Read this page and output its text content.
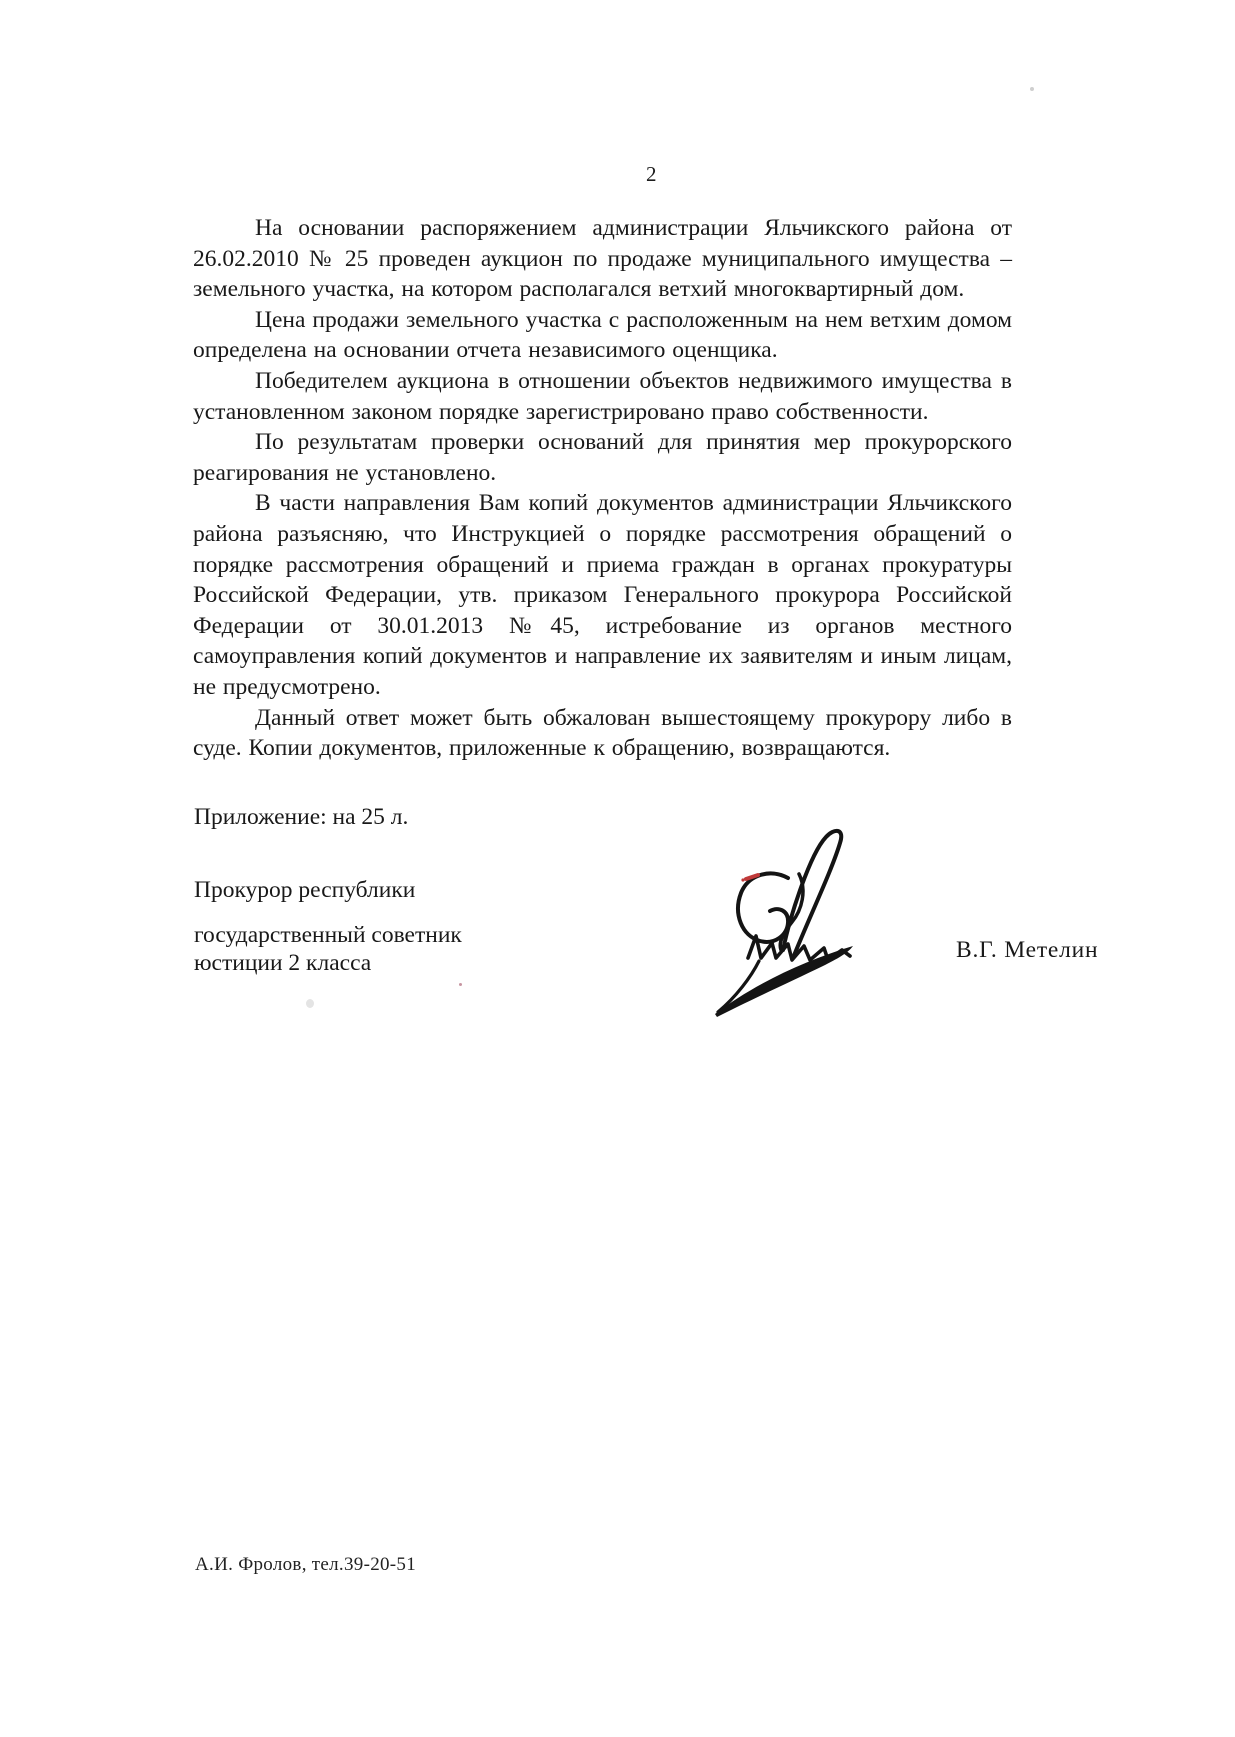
2

На основании распоряжением администрации Яльчикского района от 26.02.2010 № 25 проведен аукцион по продаже муниципального имущества – земельного участка, на котором располагался ветхий многоквартирный дом.

Цена продажи земельного участка с расположенным на нем ветхим домом определена на основании отчета независимого оценщика.

Победителем аукциона в отношении объектов недвижимого имущества в установленном законом порядке зарегистрировано право собственности.

По результатам проверки оснований для принятия мер прокурорского реагирования не установлено.

В части направления Вам копий документов администрации Яльчикского района разъясняю, что Инструкцией о порядке рассмотрения обращений о порядке рассмотрения обращений и приема граждан в органах прокуратуры Российской Федерации, утв. приказом Генерального прокурора Российской Федерации от 30.01.2013 №45, истребование из органов местного самоуправления копий документов и направление их заявителям и иным лицам, не предусмотрено.

Данный ответ может быть обжалован вышестоящему прокурору либо в суде. Копии документов, приложенные к обращению, возвращаются.

Приложение: на 25 л.
Прокурор республики
государственный советник
юстиции 2 класса	В.Г. Метелин
А.И. Фролов, тел.39-20-51
